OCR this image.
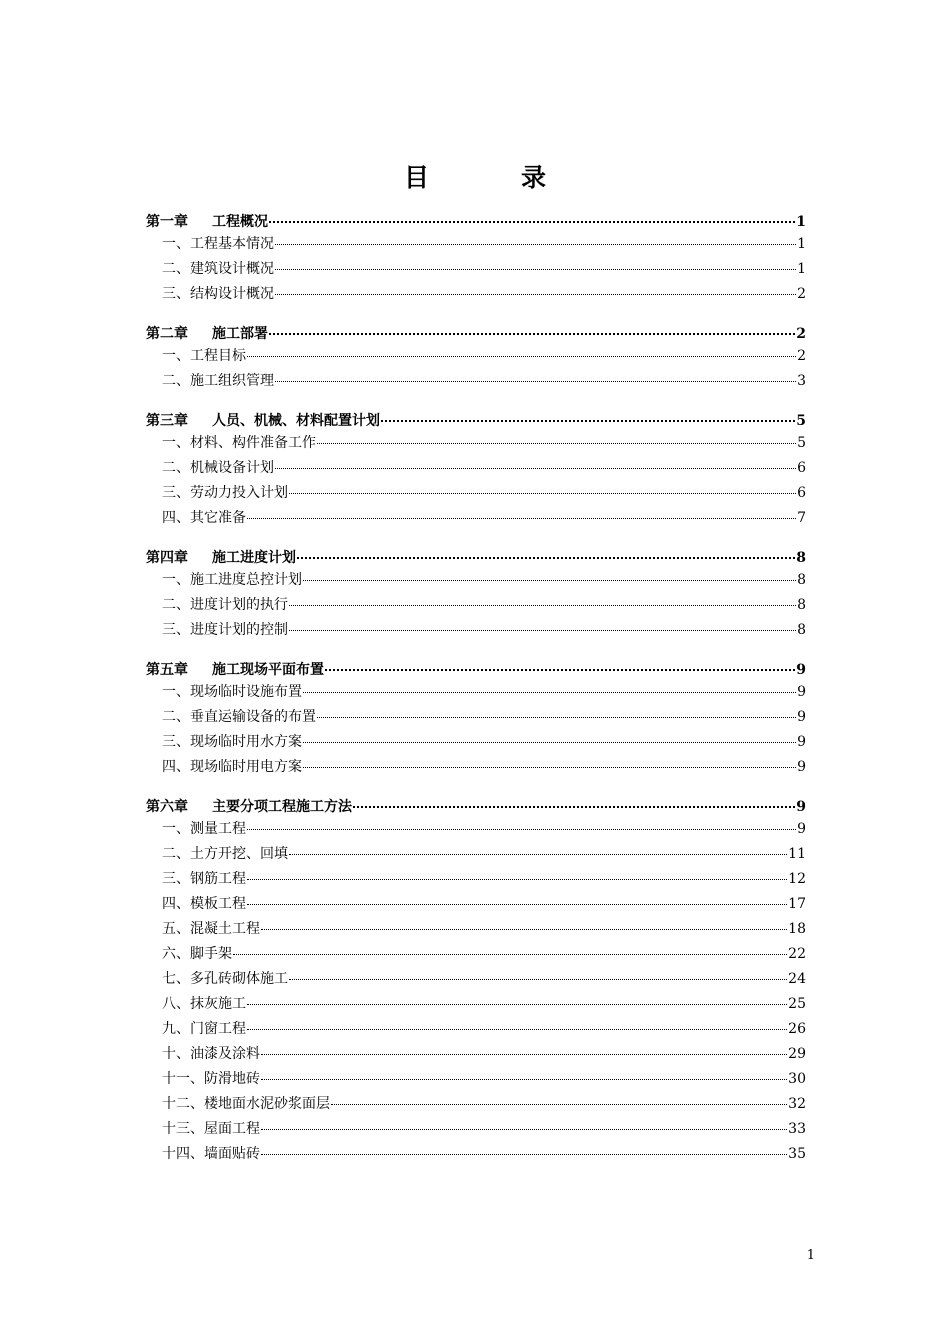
目	录
第一章 工程概况	1
一、工程基本情况	1
二、建筑设计概况	1
三、结构设计概况	2
第二章 施工部署	2
一、工程目标	2
二、施工组织管理	3
第三章 人员、机械、材料配置计划	5
一、材料、构件准备工作	5
二、机械设备计划	6
三、劳动力投入计划	6
四、其它准备	7
第四章 施工进度计划	8
一、施工进度总控计划	8
二、进度计划的执行	8
三、进度计划的控制	8
第五章 施工现场平面布置	9
一、现场临时设施布置	9
二、垂直运输设备的布置	9
三、现场临时用水方案	9
四、现场临时用电方案	9
第六章 主要分项工程施工方法	9
一、测量工程	9
二、土方开挖、回填	11
三、钢筋工程	12
四、模板工程	17
五、混凝土工程	18
六、脚手架	22
七、多孔砖砌体施工	24
八、抹灰施工	25
九、门窗工程	26
十、油漆及涂料	29
十一、防滑地砖	30
十二、楼地面水泥砂浆面层	32
十三、屋面工程	33
十四、墙面贴砖	35
1
